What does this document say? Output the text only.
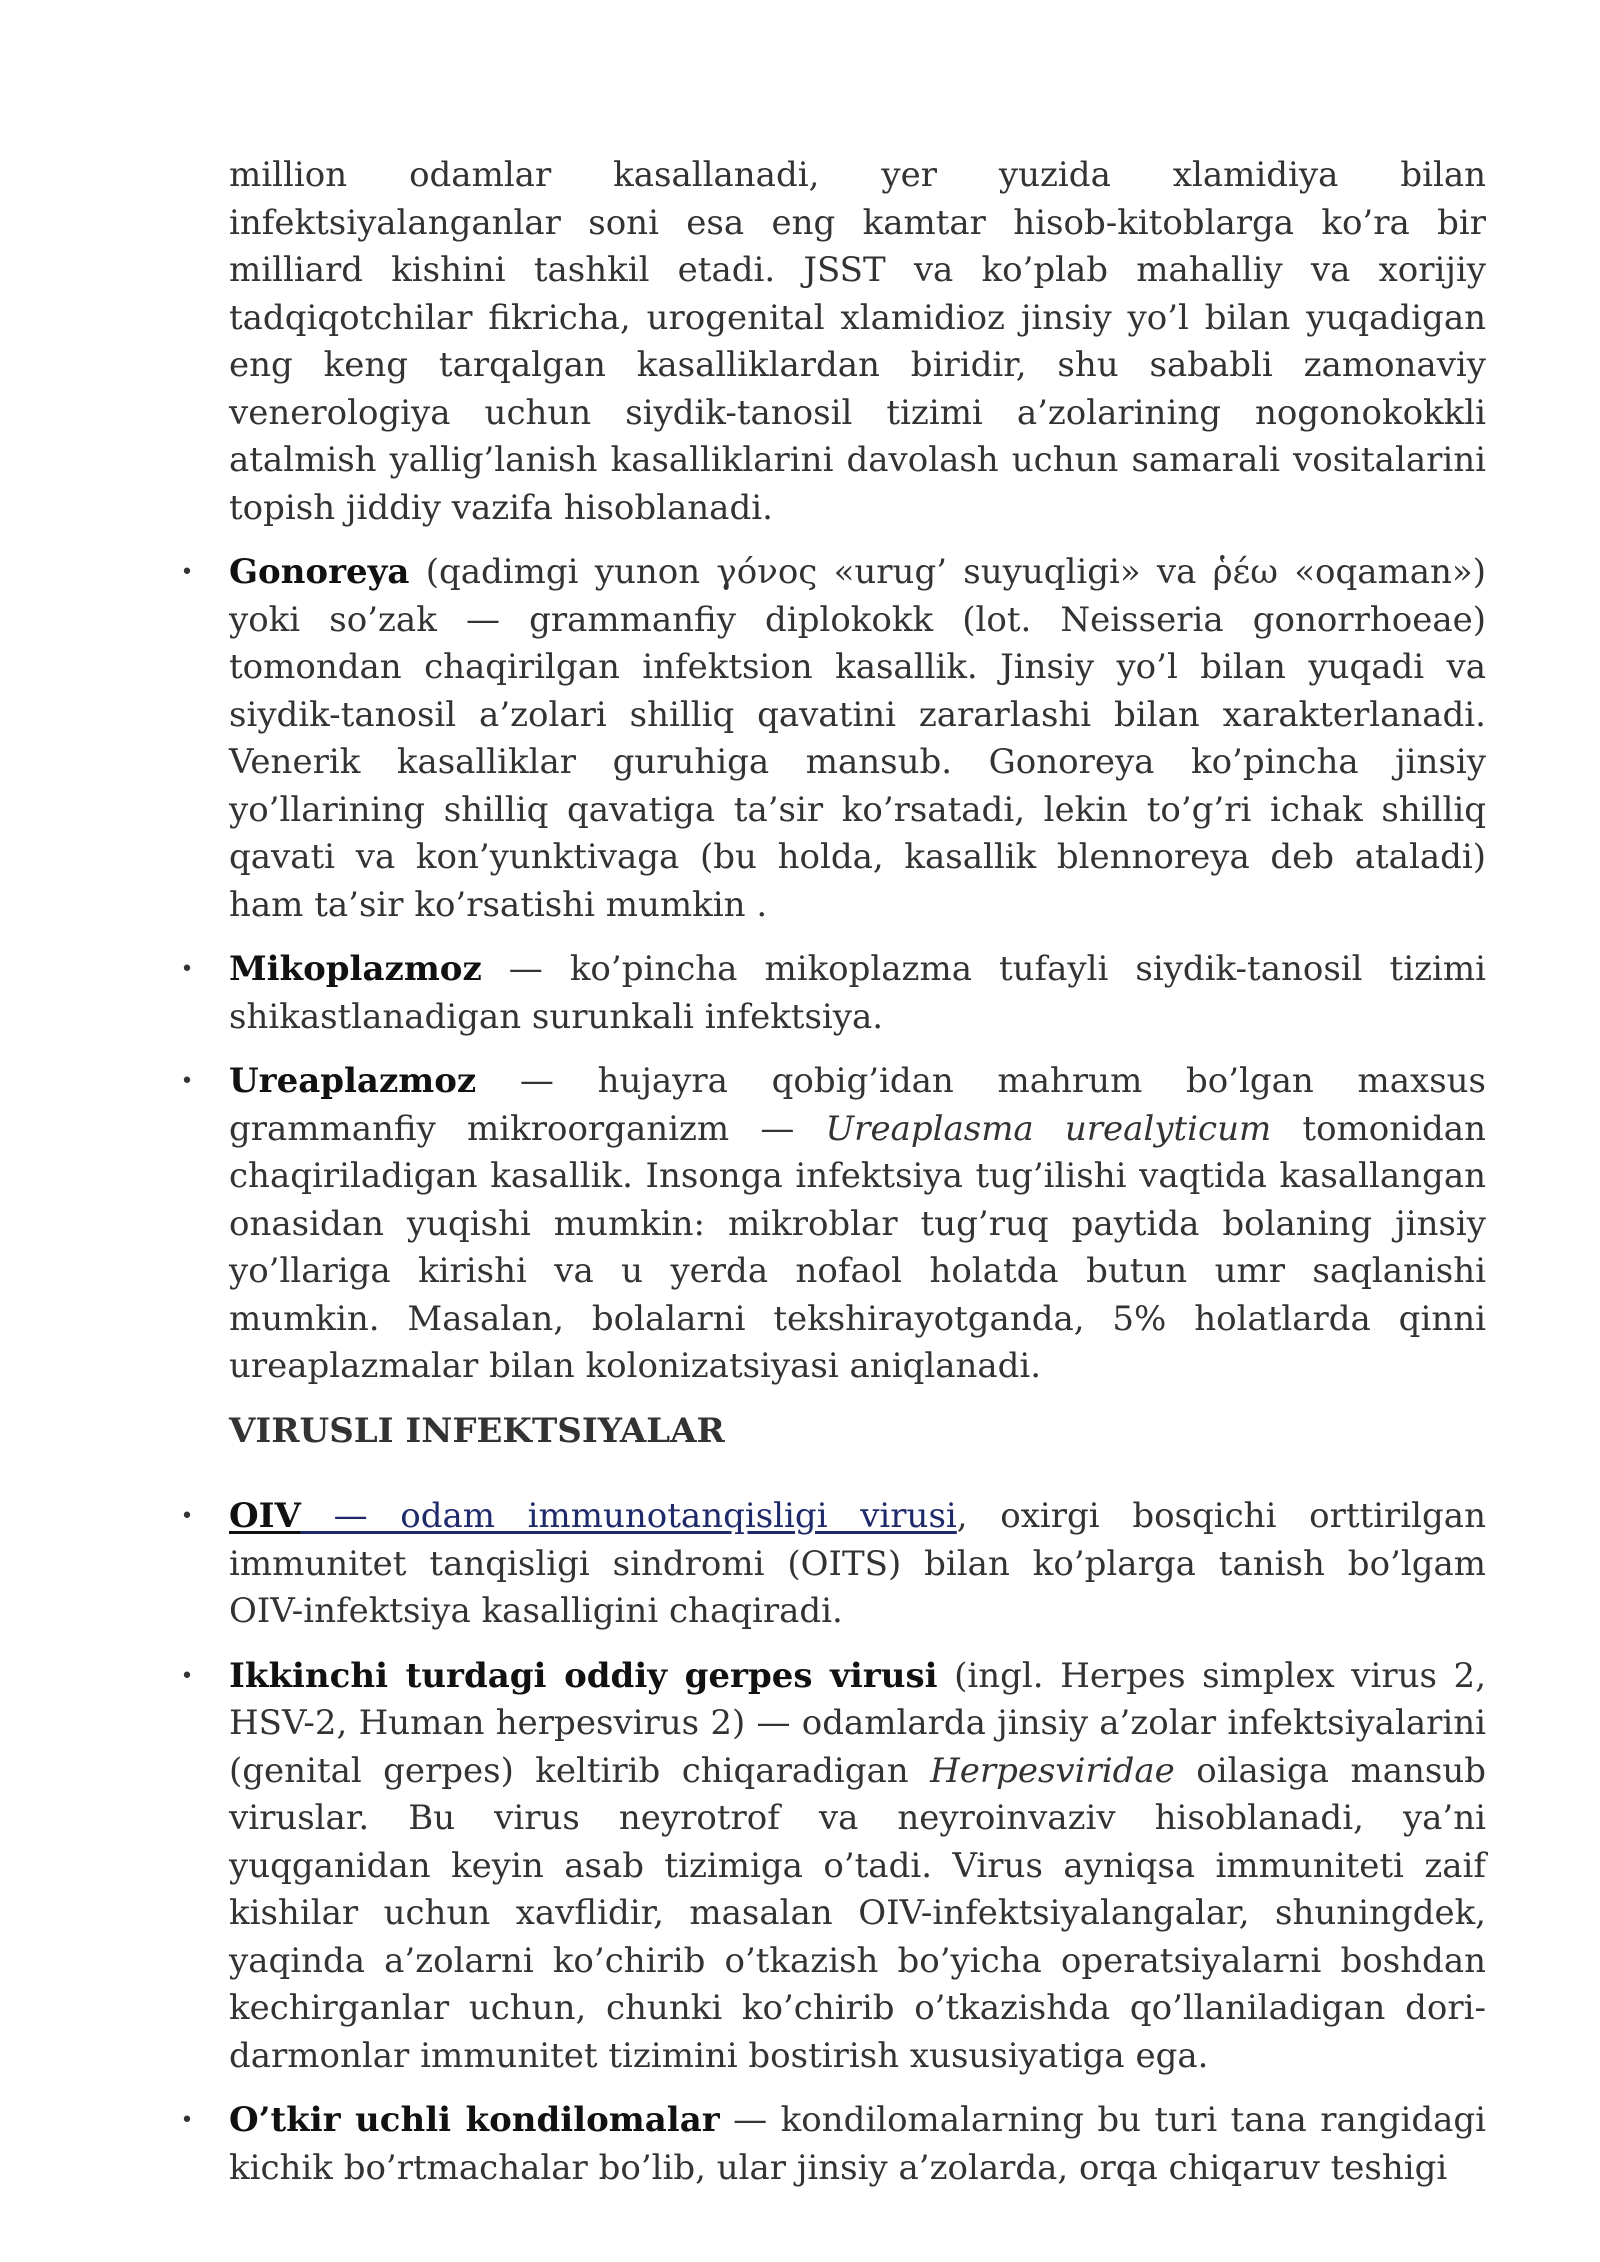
million odamlar kasallanadi, yer yuzida xlamidiya bilan infektsiyalanganlar soni esa eng kamtar hisob-kitoblarga ko’ra bir milliard kishini tashkil etadi. JSST va ko’plab mahalliy va xorijiy tadqiqotchilar fikricha, urogenital xlamidioz jinsiy yo’l bilan yuqadigan eng keng tarqalgan kasalliklardan biridir, shu sababli zamonaviy venerologiya uchun siydik-tanosil tizimi a’zolarining nogonokokkli atalmish yallig’lanish kasalliklarini davolash uchun samarali vositalarini topish jiddiy vazifa hisoblanadi.

• Gonoreya (qadimgi yunon γόνος «urug’ suyuqligi» va ῥέω «oqaman») yoki so’zak — grammanfiy diplokokk (lot. Neisseria gonorrhoeae) tomondan chaqirilgan infektsion kasallik. Jinsiy yo’l bilan yuqadi va siydik-tanosil a’zolari shilliq qavatini zararlashi bilan xarakterlanadi. Venerik kasalliklar guruhiga mansub. Gonoreya ko’pincha jinsiy yo’llarining shilliq qavatiga ta’sir ko’rsatadi, lekin to’g’ri ichak shilliq qavati va kon’yunktivaga (bu holda, kasallik blennoreya deb ataladi) ham ta’sir ko’rsatishi mumkin .

• Mikoplazmoz — ko’pincha mikoplazma tufayli siydik-tanosil tizimi shikastlanadigan surunkali infektsiya.

• Ureaplazmoz — hujayra qobig’idan mahrum bo’lgan maxsus grammanfiy mikroorganizm — Ureaplasma urealyticum tomonidan chaqiriladigan kasallik. Insonga infektsiya tug’ilishi vaqtida kasallangan onasidan yuqishi mumkin: mikroblar tug’ruq paytida bolaning jinsiy yo’llariga kirishi va u yerda nofaol holatda butun umr saqlanishi mumkin. Masalan, bolalarni tekshirayotganda, 5% holatlarda qinni ureaplazmalar bilan kolonizatsiyasi aniqlanadi.

VIRUSLI INFEKTSIYALAR

• OIV — odam immunotanqisligi virusi, oxirgi bosqichi orttirilgan immunitet tanqisligi sindromi (OITS) bilan ko’plarga tanish bo’lgam OIV-infektsiya kasalligini chaqiradi.

• Ikkinchi turdagi oddiy gerpes virusi (ingl. Herpes simplex virus 2, HSV-2, Human herpesvirus 2) — odamlarda jinsiy a’zolar infektsiyalarini (genital gerpes) keltirib chiqaradigan Herpesviridae oilasiga mansub viruslar. Bu virus neyrotrof va neyroinvaziv hisoblanadi, ya’ni yuqganidan keyin asab tizimiga o’tadi. Virus ayniqsa immuniteti zaif kishilar uchun xavflidir, masalan OIV-infektsiyalangalar, shuningdek, yaqinda a’zolarni ko’chirib o’tkazish bo’yicha operatsiyalarni boshdan kechirganlar uchun, chunki ko’chirib o’tkazishda qo’llaniladigan dori-darmonlar immunitet tizimini bostirish xususiyatiga ega.

• O’tkir uchli kondilomalar — kondilomalarning bu turi tana rangidagi kichik bo’rtmachalar bo’lib, ular jinsiy a’zolarda, orqa chiqaruv teshigi
